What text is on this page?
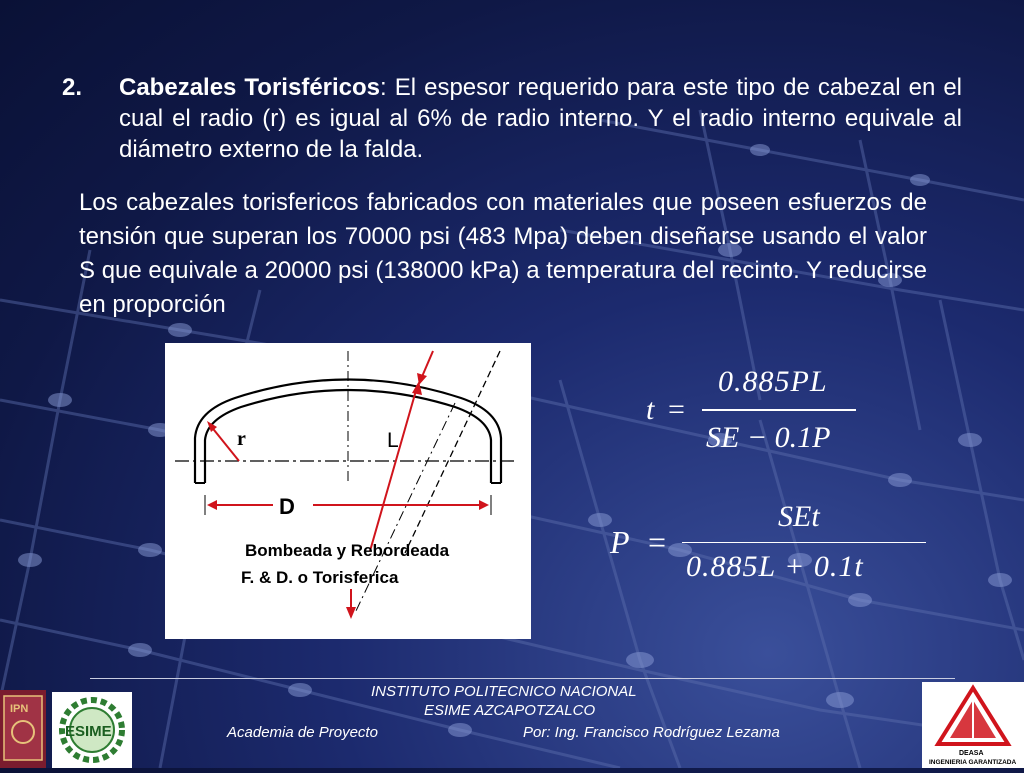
2. Cabezales Torisféricos: El espesor requerido para este tipo de cabezal en el cual el radio (r) es igual al 6% de radio interno. Y el radio interno equivale al diámetro externo de la falda.
Los cabezales torisfericos fabricados con materiales que poseen esfuerzos de tensión que superan los 70000 psi (483 Mpa) deben diseñarse usando el valor S que equivale a 20000 psi (138000 kPa) a temperatura del recinto. Y reducirse en proporción
r	L
D
Bombeada y Rebordeada
F. & D. o Torisferica
t =
0.885PL
SE − 0.1P
P =
SEt
0.885L + 0.1t
INSTITUTO POLITECNICO NACIONAL
ESIME AZCAPOTZALCO
Academia de Proyecto	Por: Ing. Francisco Rodríguez Lezama
IPN
ESIME
DEASA
INGENIERIA GARANTIZADA
